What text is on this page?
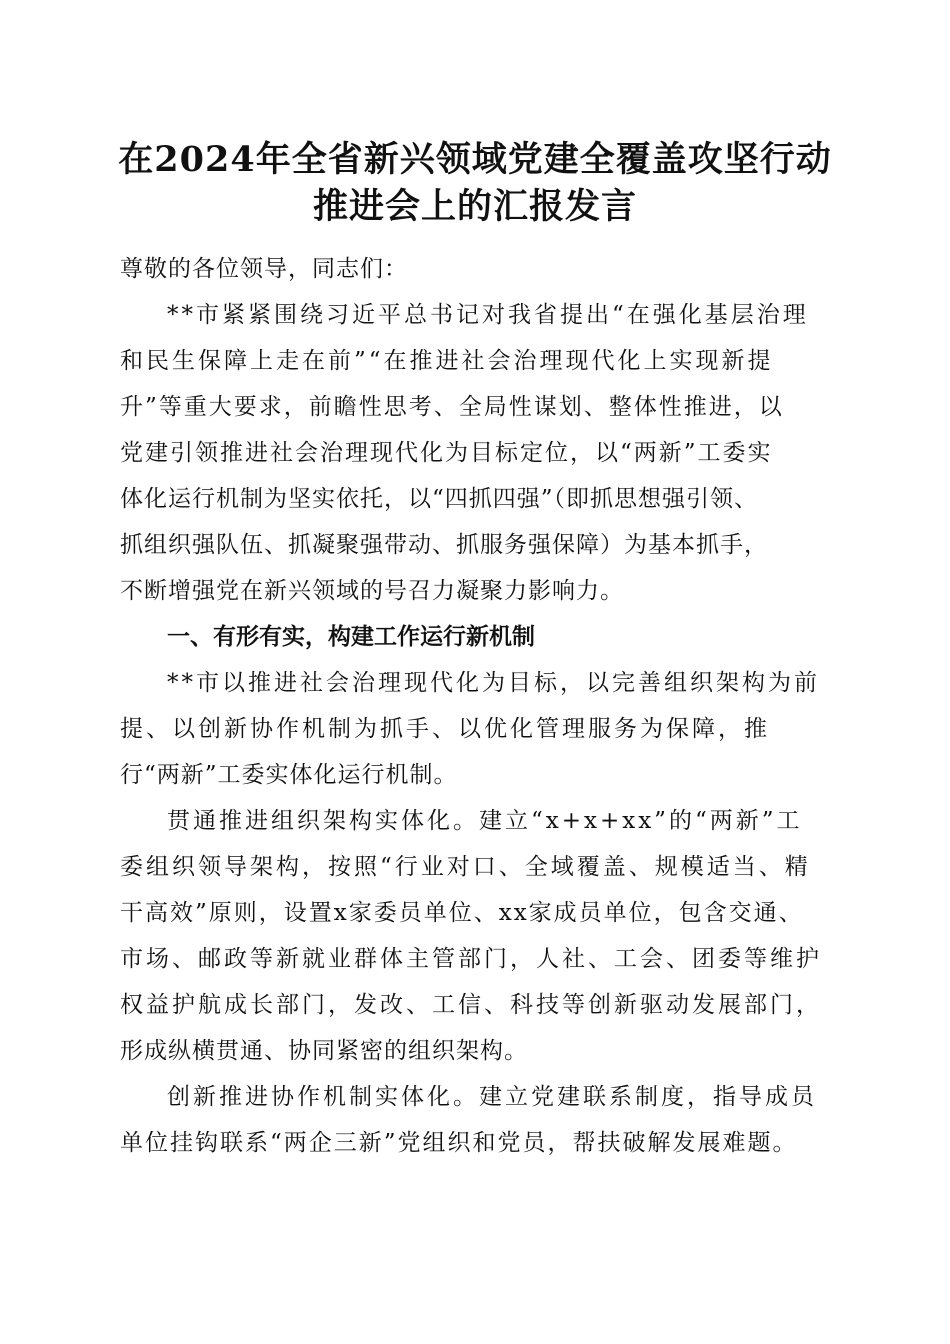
在2024年全省新兴领域党建全覆盖攻坚行动
推进会上的汇报发言
尊敬的各位领导，同志们：
**市紧紧围绕习近平总书记对我省提出“在强化基层治理
和民生保障上走在前”“在推进社会治理现代化上实现新提
升”等重大要求，前瞻性思考、全局性谋划、整体性推进，以
党建引领推进社会治理现代化为目标定位，以“两新”工委实
体化运行机制为坚实依托，以“四抓四强”（即抓思想强引领、
抓组织强队伍、抓凝聚强带动、抓服务强保障）为基本抓手，
不断增强党在新兴领域的号召力凝聚力影响力。
一、有形有实，构建工作运行新机制
**市以推进社会治理现代化为目标，以完善组织架构为前
提、以创新协作机制为抓手、以优化管理服务为保障，推
行“两新”工委实体化运行机制。
贯通推进组织架构实体化。建立“x+x+xx”的“两新”工
委组织领导架构，按照“行业对口、全域覆盖、规模适当、精
干高效”原则，设置x家委员单位、xx家成员单位，包含交通、
市场、邮政等新就业群体主管部门，人社、工会、团委等维护
权益护航成长部门，发改、工信、科技等创新驱动发展部门，
形成纵横贯通、协同紧密的组织架构。
创新推进协作机制实体化。建立党建联系制度，指导成员
单位挂钩联系“两企三新”党组织和党员，帮扶破解发展难题。
